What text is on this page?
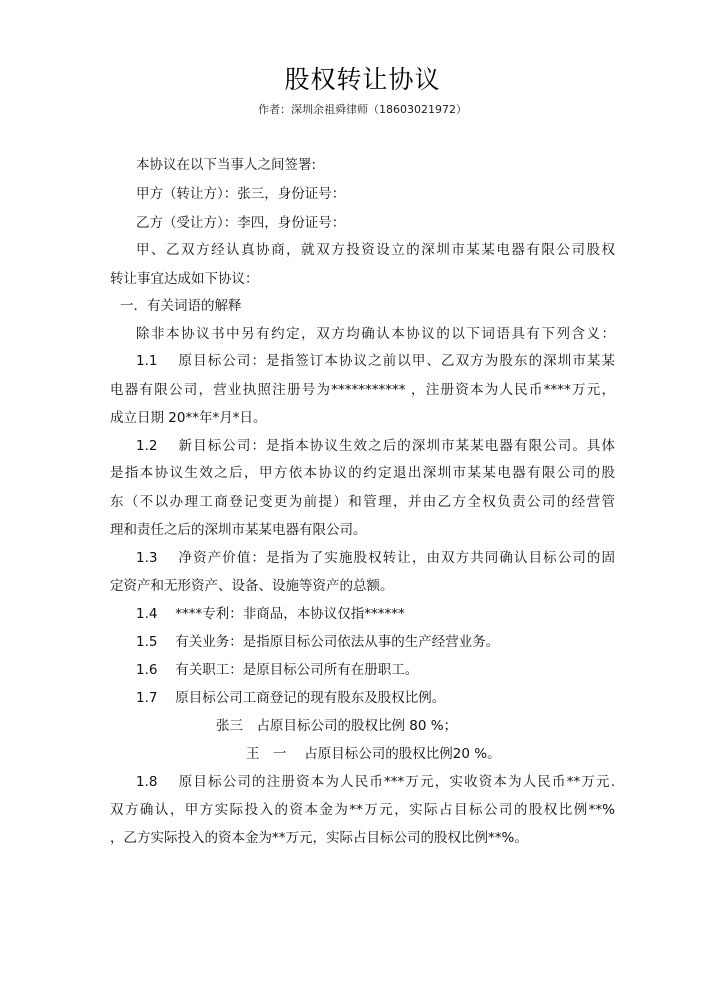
股权转让协议
作者：深圳余祖舜律师（18603021972）
本协议在以下当事人之间签署:
甲方（转让方）：张三，身份证号：
乙方（受让方）：李四，身份证号：
甲、乙双方经认真协商，就双方投资设立的深圳市某某电器有限公司股权
转让事宜达成如下协议：
一．有关词语的解释
除非本协议书中另有约定，双方均确认本协议的以下词语具有下列含义：
1.1　 原目标公司：是指签订本协议之前以甲、乙双方为股东的深圳市某某
电器有限公司，营业执照注册号为*********** ，注册资本为人民币****万元，
成立日期 20**年*月*日。
1.2　 新目标公司：是指本协议生效之后的深圳市某某电器有限公司。具体
是指本协议生效之后，甲方依本协议的约定退出深圳市某某电器有限公司的股
东（不以办理工商登记变更为前提）和管理，并由乙方全权负责公司的经营管
理和责任之后的深圳市某某电器有限公司。
1.3　 净资产价值：是指为了实施股权转让，由双方共同确认目标公司的固
定资产和无形资产、设备、设施等资产的总额。
1.4　 ****专利：非商品，本协议仅指******
1.5　 有关业务：是指原目标公司依法从事的生产经营业务。
1.6　 有关职工：是原目标公司所有在册职工。
1.7　 原目标公司工商登记的现有股东及股权比例。
张三　占原目标公司的股权比例 80 %；
王　一　 占原目标公司的股权比例20 %。
1.8　 原目标公司的注册资本为人民币***万元，实收资本为人民币**万元.
双方确认，甲方实际投入的资本金为**万元，实际占目标公司的股权比例**%
，乙方实际投入的资本金为**万元，实际占目标公司的股权比例**%。
